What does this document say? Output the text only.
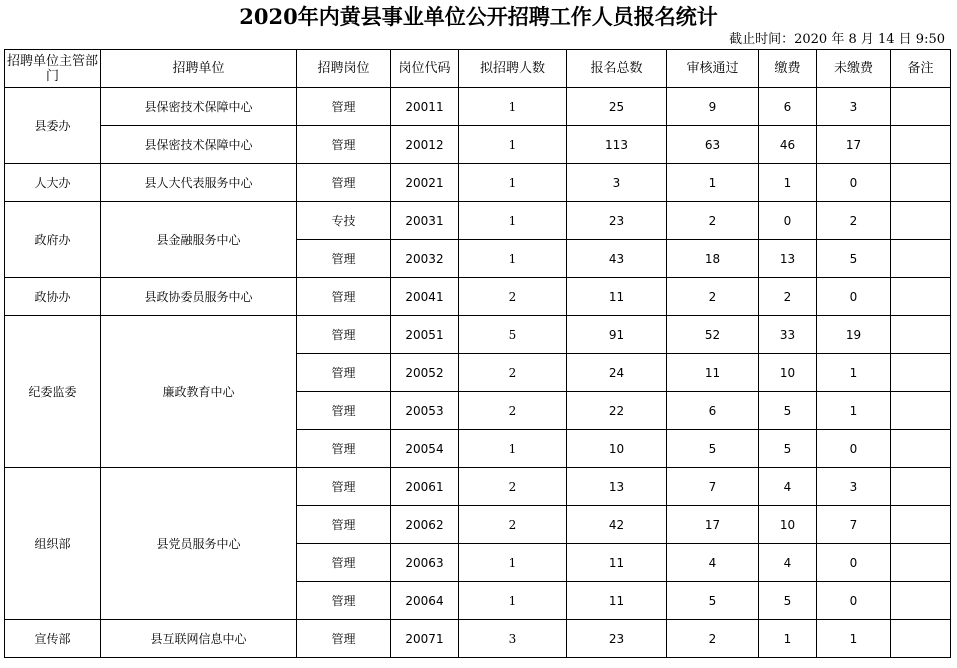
2020年内黄县事业单位公开招聘工作人员报名统计
截止时间：2020 年 8 月 14 日 9:50
招聘单位主管部门	招聘单位	招聘岗位	岗位代码	拟招聘人数	报名总数	审核通过	缴费	未缴费	备注
县委办	县保密技术保障中心	管理	20011	1	25	9	6	3	
	县保密技术保障中心	管理	20012	1	113	63	46	17	
人大办	县人大代表服务中心	管理	20021	1	3	1	1	0	
政府办	县金融服务中心	专技	20031	1	23	2	0	2	
		管理	20032	1	43	18	13	5	
政协办	县政协委员服务中心	管理	20041	2	11	2	2	0	
纪委监委	廉政教育中心	管理	20051	5	91	52	33	19	
		管理	20052	2	24	11	10	1	
		管理	20053	2	22	6	5	1	
		管理	20054	1	10	5	5	0	
组织部	县党员服务中心	管理	20061	2	13	7	4	3	
		管理	20062	2	42	17	10	7	
		管理	20063	1	11	4	4	0	
		管理	20064	1	11	5	5	0	
宣传部	县互联网信息中心	管理	20071	3	23	2	1	1	
